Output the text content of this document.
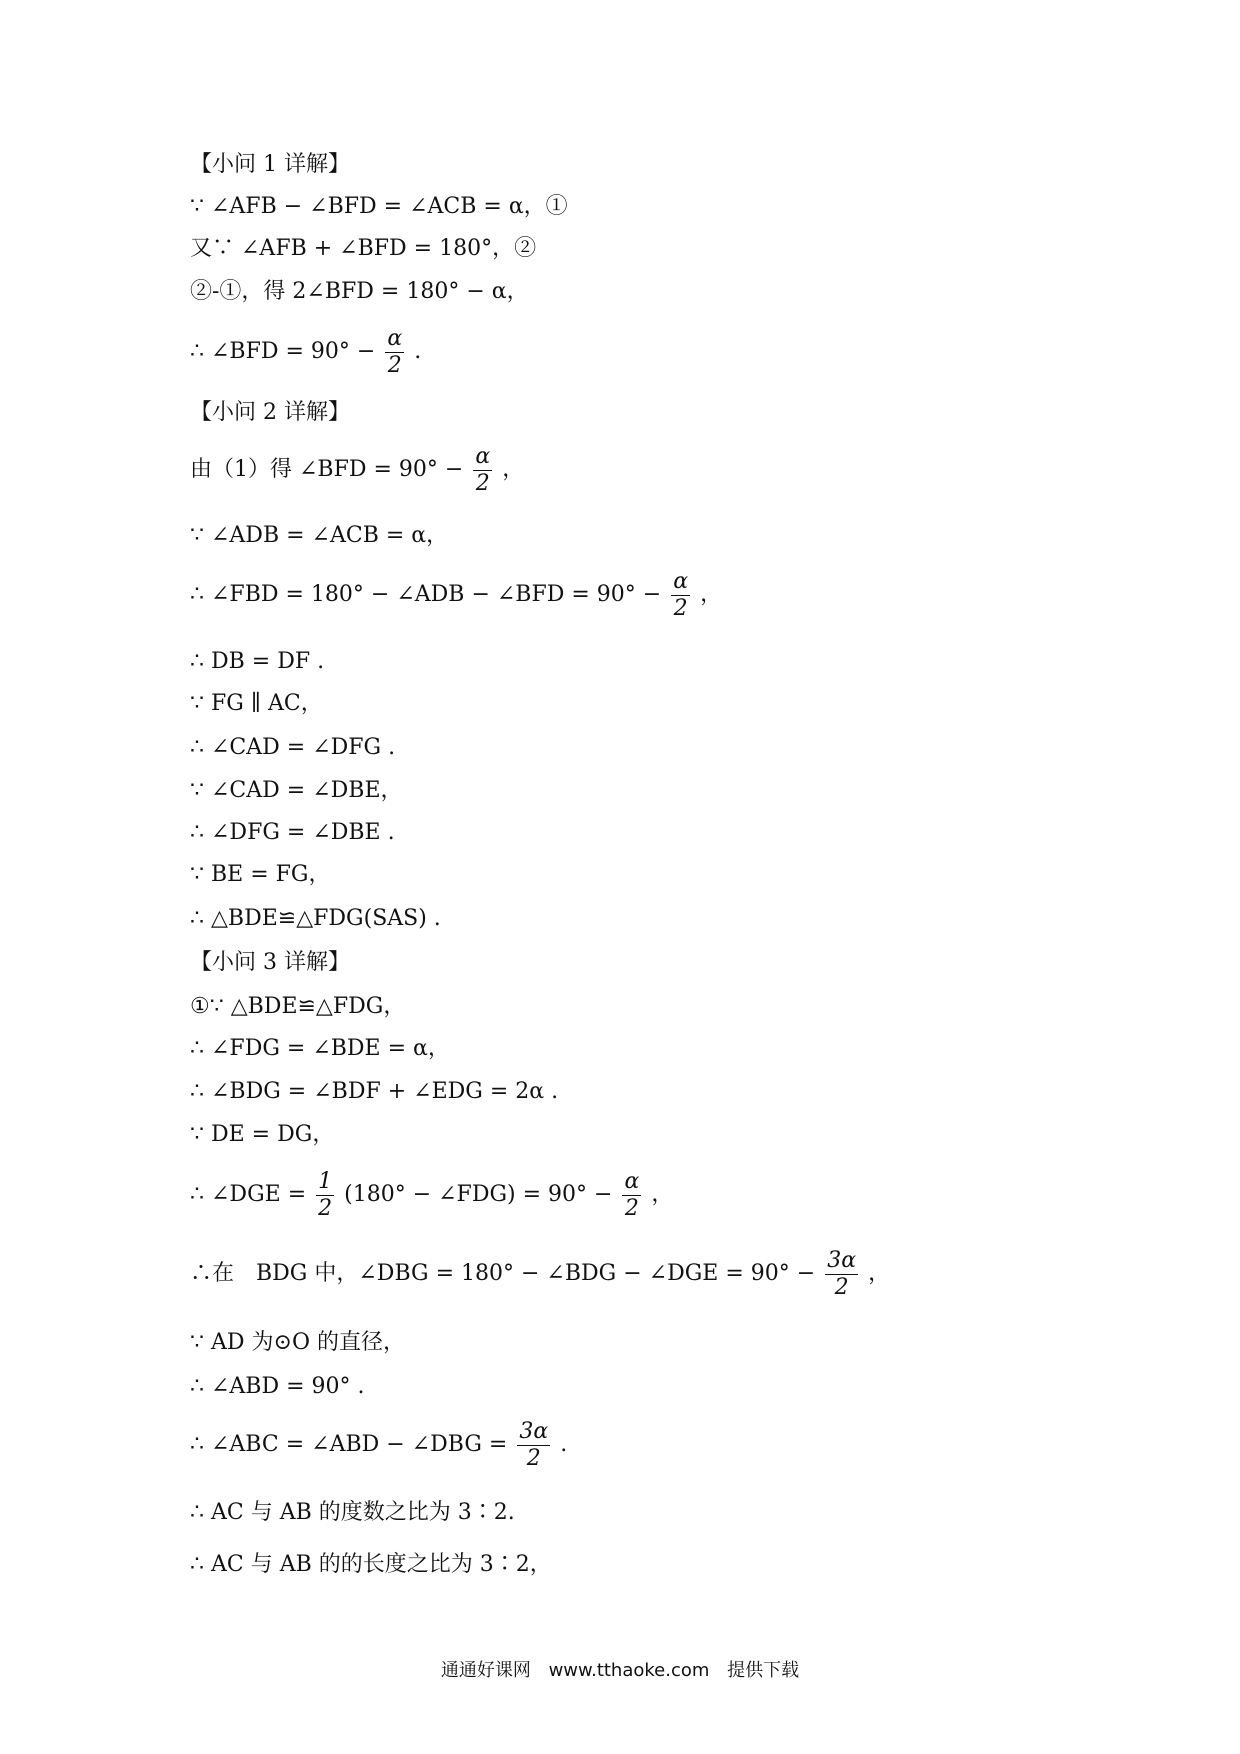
【小问 1 详解】
∵ ∠AFB − ∠BFD = ∠ACB = α，①
又∵ ∠AFB + ∠BFD = 180°，②
②-①，得 2∠BFD = 180° − α，
∴ ∠BFD = $90^\circ - \frac{\alpha}{2}$ .
【小问 2 详解】
由（1）得 ∠BFD = $90^\circ - \frac{\alpha}{2}$ ，
∵ ∠ADB = ∠ACB = α，
∴ ∠FBD = 180° − ∠ADB − ∠BFD = $90^\circ - \frac{\alpha}{2}$ ，
∴ DB = DF .
∵ FG ∥ AC，
∴ ∠CAD = ∠DFG .
∵ ∠CAD = ∠DBE，
∴ ∠DFG = ∠DBE .
∵ BE = FG，
∴ △BDE≌△FDG(SAS) .
【小问 3 详解】
①∵ △BDE≌△FDG，
∴ ∠FDG = ∠BDE = α，
∴ ∠BDG = ∠BDF + ∠EDG = 2α .
∵ DE = DG，
∴ ∠DGE = $\frac{1}{2} (180^\circ$ − ∠FDG) = $90^\circ - \frac{\alpha}{2}$ ，
∴在　BDG 中，∠DBG = 180° − ∠BDG − ∠DGE = $90^\circ - \frac{3\alpha}{2}$ ，
∵ AD 为⊙O 的直径，
∴ ∠ABD = 90° .
∴ ∠ABC = ∠ABD − ∠DBG = $\frac{3\alpha}{2}$ .
∴ AC 与 AB 的度数之比为 3∶2.
∴ AC 与 AB 的的长度之比为 3∶2，
通通好课网 www.tthaoke.com 提供下载
